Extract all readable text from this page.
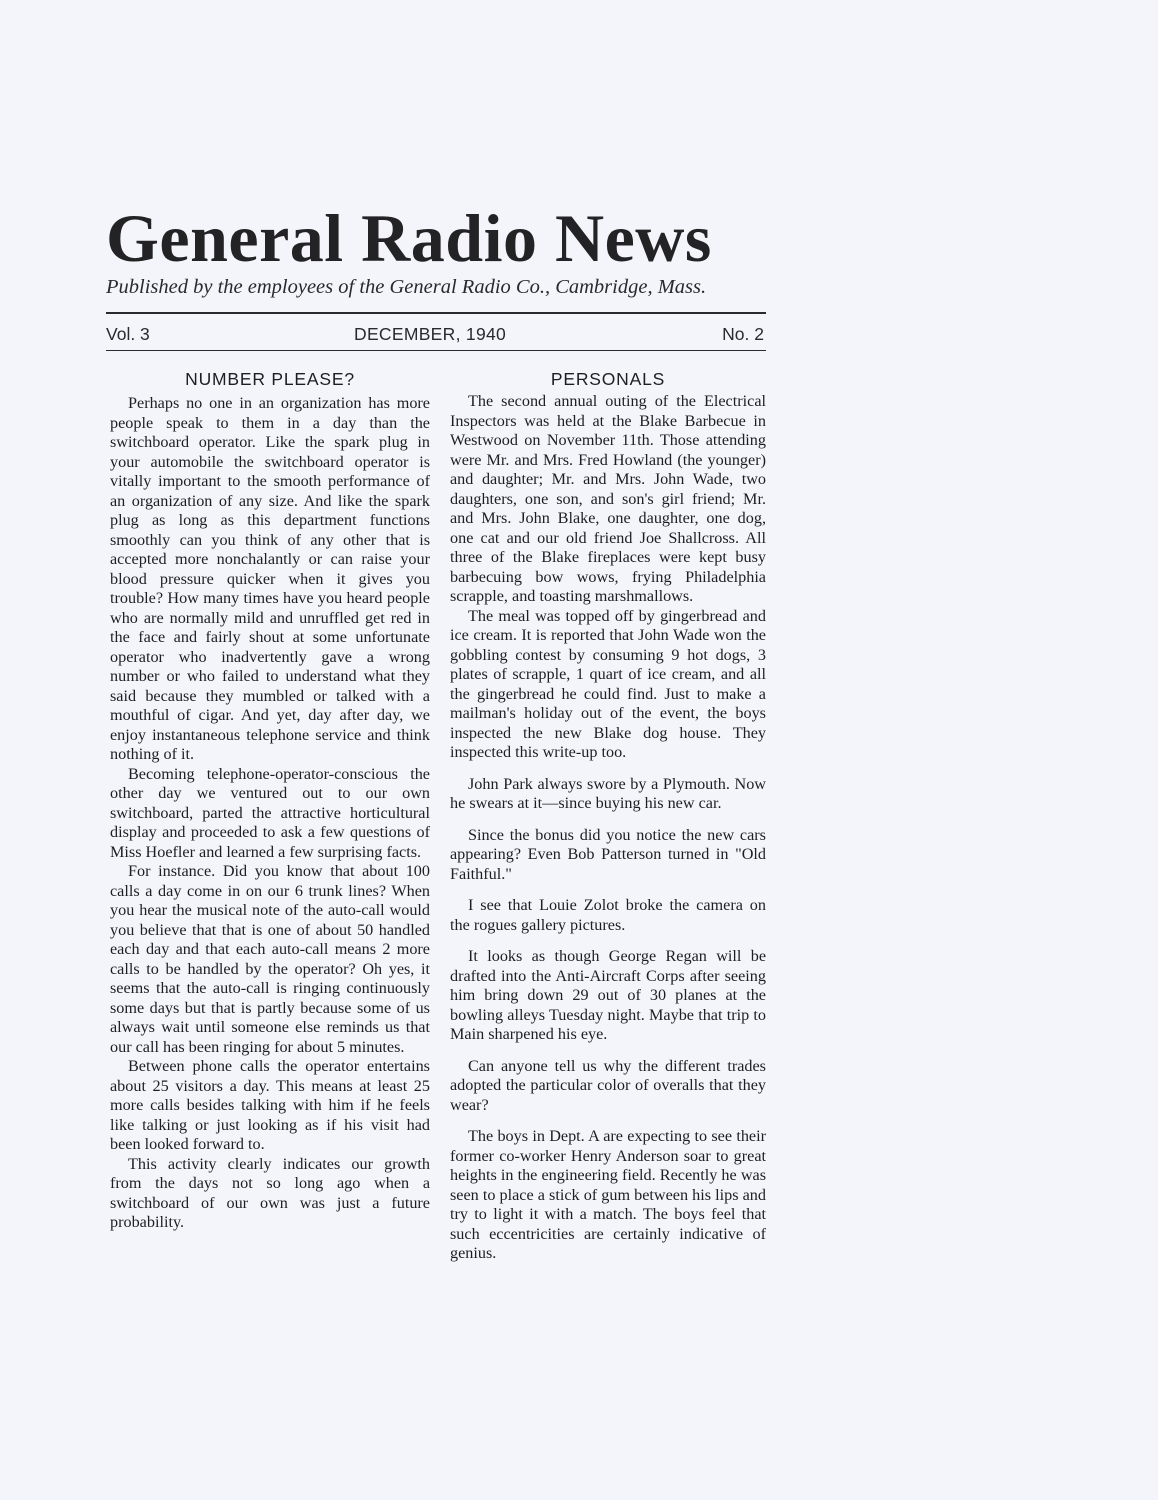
General Radio News
Published by the employees of the General Radio Co., Cambridge, Mass.
Vol. 3	DECEMBER, 1940	No. 2
NUMBER PLEASE?

Perhaps no one in an organization has more people speak to them in a day than the switchboard operator. Like the spark plug in your automobile the switchboard operator is vitally important to the smooth performance of an organization of any size. And like the spark plug as long as this department functions smoothly can you think of any other that is accepted more nonchalantly or can raise your blood pressure quicker when it gives you trouble? How many times have you heard people who are normally mild and unruffled get red in the face and fairly shout at some unfortunate operator who inadvertently gave a wrong number or who failed to understand what they said because they mumbled or talked with a mouthful of cigar. And yet, day after day, we enjoy instantaneous telephone service and think nothing of it.

Becoming telephone-operator-conscious the other day we ventured out to our own switchboard, parted the attractive horticultural display and proceeded to ask a few questions of Miss Hoefler and learned a few surprising facts.

For instance. Did you know that about 100 calls a day come in on our 6 trunk lines? When you hear the musical note of the auto-call would you believe that that is one of about 50 handled each day and that each auto-call means 2 more calls to be handled by the operator? Oh yes, it seems that the auto-call is ringing continuously some days but that is partly because some of us always wait until someone else reminds us that our call has been ringing for about 5 minutes.

Between phone calls the operator entertains about 25 visitors a day. This means at least 25 more calls besides talking with him if he feels like talking or just looking as if his visit had been looked forward to.

This activity clearly indicates our growth from the days not so long ago when a switchboard of our own was just a future probability.

PERSONALS

The second annual outing of the Electrical Inspectors was held at the Blake Barbecue in Westwood on November 11th. Those attending were Mr. and Mrs. Fred Howland (the younger) and daughter; Mr. and Mrs. John Wade, two daughters, one son, and son's girl friend; Mr. and Mrs. John Blake, one daughter, one dog, one cat and our old friend Joe Shallcross. All three of the Blake fireplaces were kept busy barbecuing bow wows, frying Philadelphia scrapple, and toasting marshmallows.

The meal was topped off by gingerbread and ice cream. It is reported that John Wade won the gobbling contest by consuming 9 hot dogs, 3 plates of scrapple, 1 quart of ice cream, and all the gingerbread he could find. Just to make a mailman's holiday out of the event, the boys inspected the new Blake dog house. They inspected this write-up too.

John Park always swore by a Plymouth. Now he swears at it—since buying his new car.

Since the bonus did you notice the new cars appearing? Even Bob Patterson turned in "Old Faithful."

I see that Louie Zolot broke the camera on the rogues gallery pictures.

It looks as though George Regan will be drafted into the Anti-Aircraft Corps after seeing him bring down 29 out of 30 planes at the bowling alleys Tuesday night. Maybe that trip to Main sharpened his eye.

Can anyone tell us why the different trades adopted the particular color of overalls that they wear?

The boys in Dept. A are expecting to see their former co-worker Henry Anderson soar to great heights in the engineering field. Recently he was seen to place a stick of gum between his lips and try to light it with a match. The boys feel that such eccentricities are certainly indicative of genius.
